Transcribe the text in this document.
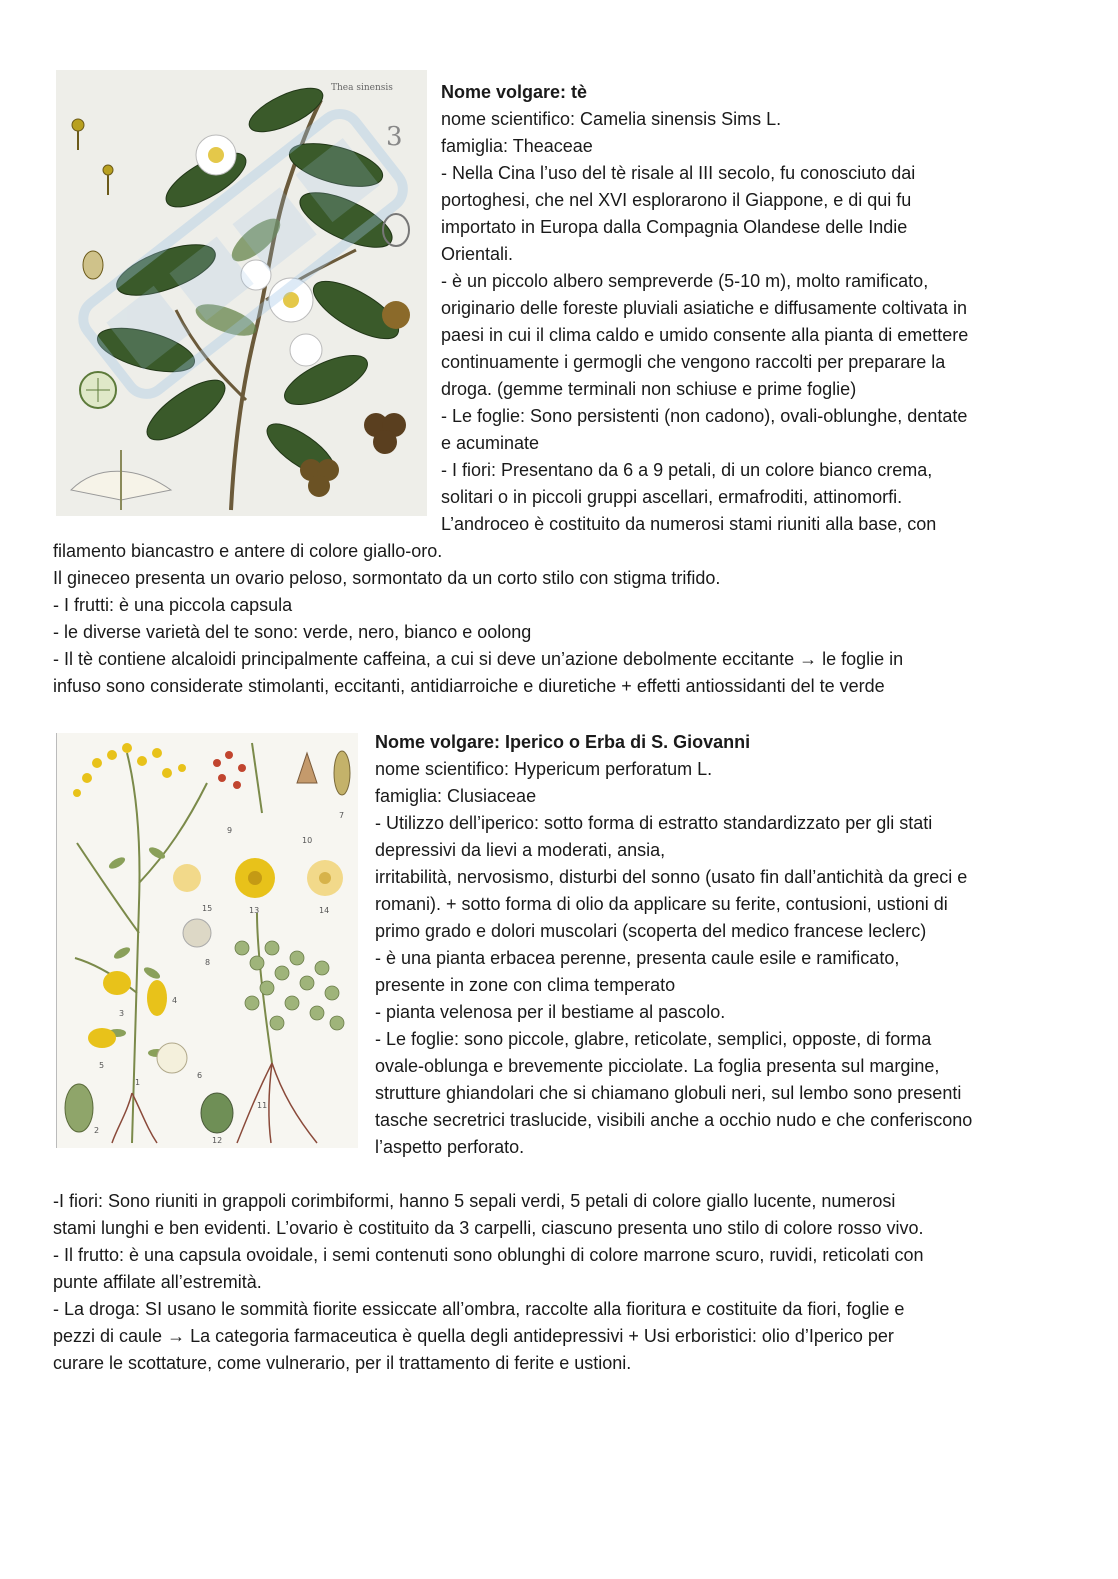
Thea sinensis
3
Nome volgare: tè
nome scientifico: Camelia sinensis Sims L.
famiglia: Theaceae
- Nella Cina l’uso del tè risale al III secolo, fu conosciuto dai
portoghesi, che nel XVI esplorarono il Giappone, e di qui fu
importato in Europa dalla Compagnia Olandese delle Indie
Orientali.
- è un piccolo albero sempreverde (5-10 m), molto ramificato,
originario delle foreste pluviali asiatiche e diffusamente coltivata in
paesi in cui il clima caldo e umido consente alla pianta di emettere
continuamente i germogli che vengono raccolti per preparare la
droga. (gemme terminali non schiuse e prime foglie)
- Le foglie: Sono persistenti (non cadono), ovali-oblunghe, dentate
e acuminate
- I fiori: Presentano da 6 a 9 petali, di un colore bianco crema,
solitari o in piccoli gruppi ascellari, ermafroditi, attinomorfi.
L’androceo è costituito da numerosi stami riuniti alla base, con
filamento biancastro e antere di colore giallo-oro.
Il gineceo presenta un ovario peloso, sormontato da un corto stilo con stigma trifido.
- I frutti: è una piccola capsula
- le diverse varietà del te sono: verde, nero, bianco e oolong
- Il tè contiene alcaloidi principalmente caffeina, a cui si deve un’azione debolmente eccitante → le foglie in
infuso sono considerate stimolanti, eccitanti, antidiarroiche e diuretiche + effetti antiossidanti del te verde
1
2
3
4
5
6
7
8
9
10
11
12
13	14
15
Nome volgare: Iperico o Erba di S. Giovanni
nome scientifico: Hypericum perforatum L.
famiglia: Clusiaceae
- Utilizzo dell’iperico: sotto forma di estratto standardizzato per gli stati
depressivi da lievi a moderati, ansia,
irritabilità, nervosismo, disturbi del sonno (usato fin dall’antichità da greci e
romani). + sotto forma di olio da applicare su ferite, contusioni, ustioni di
primo grado e dolori muscolari (scoperta del medico francese leclerc)
- è una pianta erbacea perenne, presenta caule esile e ramificato,
presente in zone con clima temperato
- pianta velenosa per il bestiame al pascolo.
- Le foglie: sono piccole, glabre, reticolate, semplici, opposte, di forma
ovale-oblunga e brevemente picciolate. La foglia presenta sul margine,
strutture ghiandolari che si chiamano globuli neri, sul lembo sono presenti
tasche secretrici traslucide, visibili anche a occhio nudo e che conferiscono
l’aspetto perforato.
-I fiori: Sono riuniti in grappoli corimbiformi, hanno 5 sepali verdi, 5 petali di colore giallo lucente, numerosi
stami lunghi e ben evidenti. L’ovario è costituito da 3 carpelli, ciascuno presenta uno stilo di colore rosso vivo.
- Il frutto: è una capsula ovoidale, i semi contenuti sono oblunghi di colore marrone scuro, ruvidi, reticolati con
punte affilate all’estremità.
- La droga: SI usano le sommità fiorite essiccate all’ombra, raccolte alla fioritura e costituite da fiori, foglie e
pezzi di caule → La categoria farmaceutica è quella degli antidepressivi + Usi erboristici: olio d’Iperico per
curare le scottature, come vulnerario, per il trattamento di ferite e ustioni.
